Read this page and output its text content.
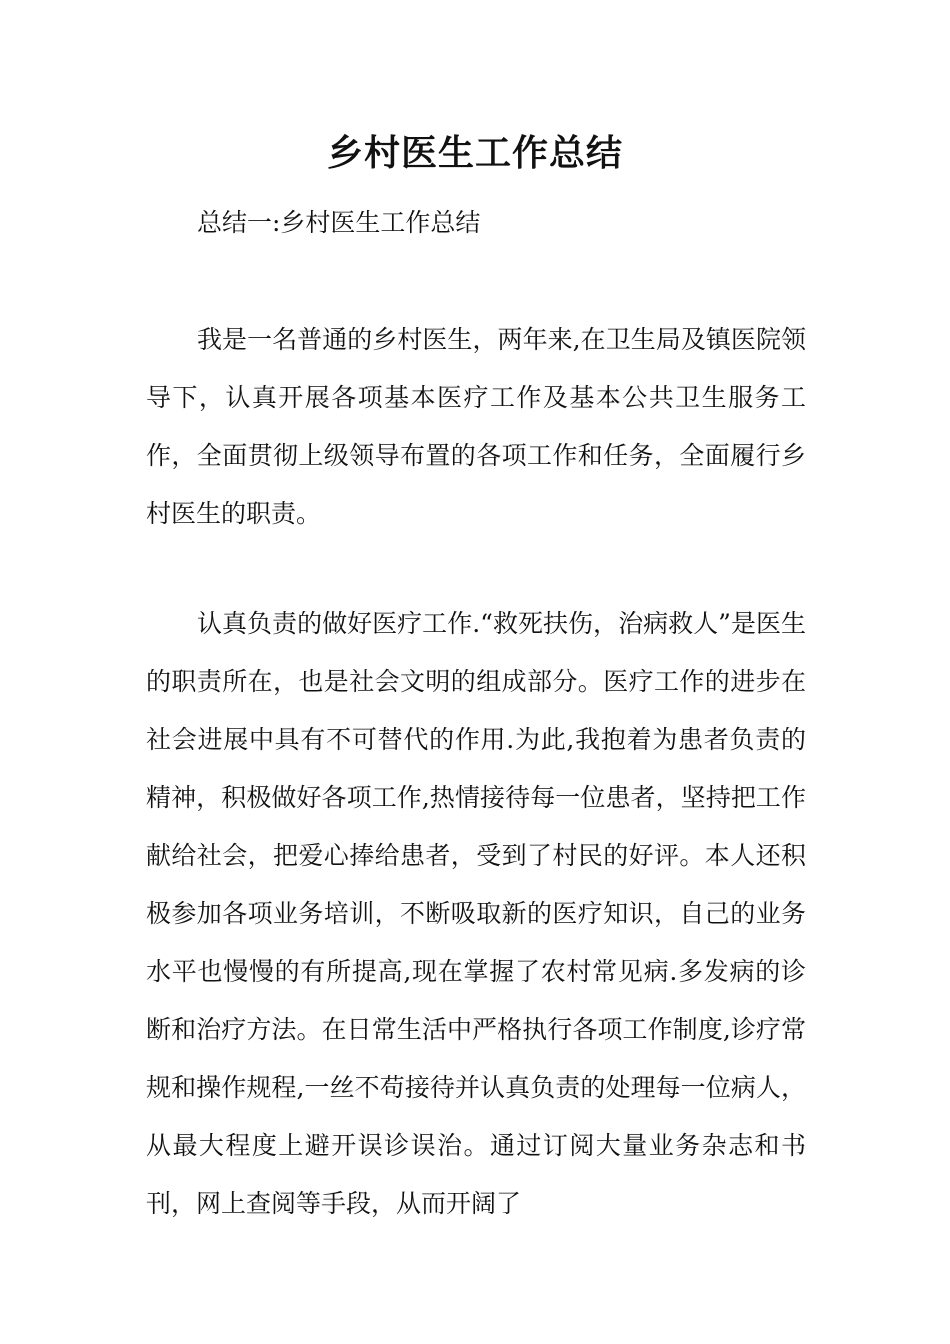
乡村医生工作总结

总结一:乡村医生工作总结

我是一名普通的乡村医生，两年来,在卫生局及镇医院领导下，认真开展各项基本医疗工作及基本公共卫生服务工作，全面贯彻上级领导布置的各项工作和任务，全面履行乡村医生的职责。

认真负责的做好医疗工作.“救死扶伤，治病救人”是医生的职责所在，也是社会文明的组成部分。医疗工作的进步在社会进展中具有不可替代的作用.为此,我抱着为患者负责的精神，积极做好各项工作,热情接待每一位患者，坚持把工作献给社会，把爱心捧给患者，受到了村民的好评。本人还积极参加各项业务培训，不断吸取新的医疗知识，自己的业务水平也慢慢的有所提高,现在掌握了农村常见病.多发病的诊断和治疗方法。在日常生活中严格执行各项工作制度,诊疗常规和操作规程,一丝不苟接待并认真负责的处理每一位病人，从最大程度上避开误诊误治。通过订阅大量业务杂志和书刊，网上查阅等手段，从而开阔了
